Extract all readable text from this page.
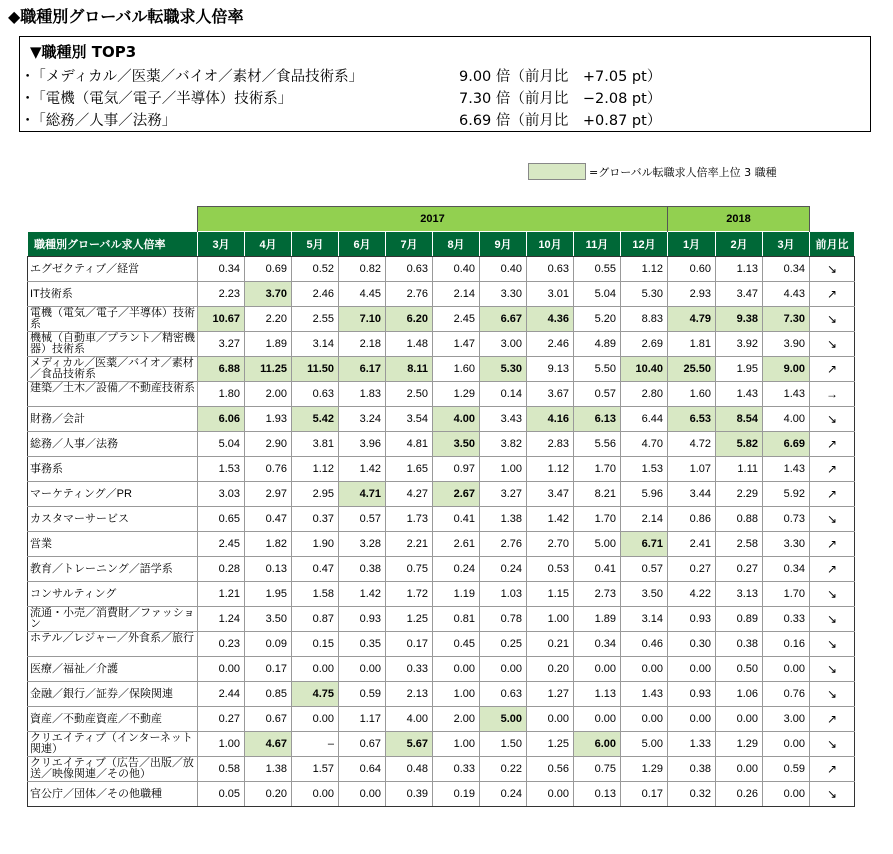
◆職種別グローバル転職求人倍率
▼職種別 TOP3
･「メディカル／医薬／バイオ／素材／食品技術系」	9.00 倍（前月比　+7.05 pt）
･「電機（電気／電子／半導体）技術系」	7.30 倍（前月比　−2.08 pt）
･「総務／人事／法務」	6.69 倍（前月比　+0.87 pt）
=グローバル転職求人倍率上位 3 職種
	2017										2018			
職種別グローバル求人倍率	3月	4月	5月	6月	7月	8月	9月	10月	11月	12月	1月	2月	3月	前月比
エグゼクティブ／経営	0.34	0.69	0.52	0.82	0.63	0.40	0.40	0.63	0.55	1.12	0.60	1.13	0.34	↘
IT技術系	2.23	3.70	2.46	4.45	2.76	2.14	3.30	3.01	5.04	5.30	2.93	3.47	4.43	↗
電機（電気／電子／半導体）技術系	10.67	2.20	2.55	7.10	6.20	2.45	6.67	4.36	5.20	8.83	4.79	9.38	7.30	↘
機械（自動車／プラント／精密機器）技術系	3.27	1.89	3.14	2.18	1.48	1.47	3.00	2.46	4.89	2.69	1.81	3.92	3.90	↘
メディカル／医薬／バイオ／素材／食品技術系	6.88	11.25	11.50	6.17	8.11	1.60	5.30	9.13	5.50	10.40	25.50	1.95	9.00	↗
建築／土木／設備／不動産技術系	1.80	2.00	0.63	1.83	2.50	1.29	0.14	3.67	0.57	2.80	1.60	1.43	1.43	→
財務／会計	6.06	1.93	5.42	3.24	3.54	4.00	3.43	4.16	6.13	6.44	6.53	8.54	4.00	↘
総務／人事／法務	5.04	2.90	3.81	3.96	4.81	3.50	3.82	2.83	5.56	4.70	4.72	5.82	6.69	↗
事務系	1.53	0.76	1.12	1.42	1.65	0.97	1.00	1.12	1.70	1.53	1.07	1.11	1.43	↗
マーケティング／PR	3.03	2.97	2.95	4.71	4.27	2.67	3.27	3.47	8.21	5.96	3.44	2.29	5.92	↗
カスタマーサービス	0.65	0.47	0.37	0.57	1.73	0.41	1.38	1.42	1.70	2.14	0.86	0.88	0.73	↘
営業	2.45	1.82	1.90	3.28	2.21	2.61	2.76	2.70	5.00	6.71	2.41	2.58	3.30	↗
教育／トレーニング／語学系	0.28	0.13	0.47	0.38	0.75	0.24	0.24	0.53	0.41	0.57	0.27	0.27	0.34	↗
コンサルティング	1.21	1.95	1.58	1.42	1.72	1.19	1.03	1.15	2.73	3.50	4.22	3.13	1.70	↘
流通・小売／消費財／ファッション	1.24	3.50	0.87	0.93	1.25	0.81	0.78	1.00	1.89	3.14	0.93	0.89	0.33	↘
ホテル／レジャー／外食系／旅行	0.23	0.09	0.15	0.35	0.17	0.45	0.25	0.21	0.34	0.46	0.30	0.38	0.16	↘
医療／福祉／介護	0.00	0.17	0.00	0.00	0.33	0.00	0.00	0.20	0.00	0.00	0.00	0.50	0.00	↘
金融／銀行／証券／保険関連	2.44	0.85	4.75	0.59	2.13	1.00	0.63	1.27	1.13	1.43	0.93	1.06	0.76	↘
資産／不動産資産／不動産	0.27	0.67	0.00	1.17	4.00	2.00	5.00	0.00	0.00	0.00	0.00	0.00	3.00	↗
クリエイティブ（インターネット関連）	1.00	4.67	–	0.67	5.67	1.00	1.50	1.25	6.00	5.00	1.33	1.29	0.00	↘
クリエイティブ（広告／出版／放送／映像関連／その他）	0.58	1.38	1.57	0.64	0.48	0.33	0.22	0.56	0.75	1.29	0.38	0.00	0.59	↗
官公庁／団体／その他職種	0.05	0.20	0.00	0.00	0.39	0.19	0.24	0.00	0.13	0.17	0.32	0.26	0.00	↘
